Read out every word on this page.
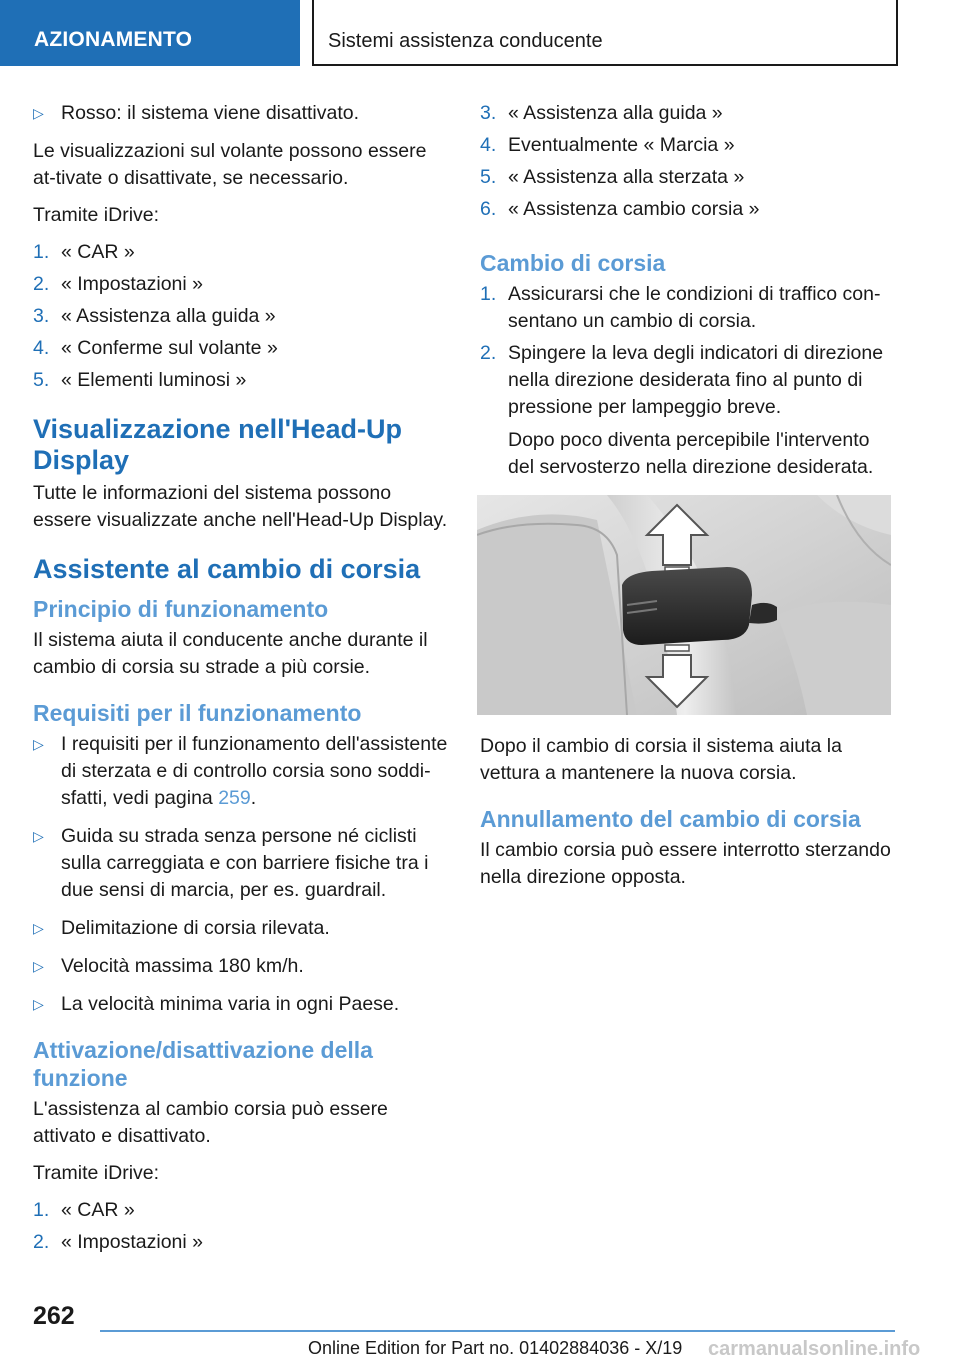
AZIONAMENTO	Sistemi assistenza conducente
▷ Rosso: il sistema viene disattivato.

Le visualizzazioni sul volante possono essere at-tivate o disattivate, se necessario.

Tramite iDrive:

1. « CAR »
2. « Impostazioni »
3. « Assistenza alla guida »
4. « Conferme sul volante »
5. « Elementi luminosi »
Visualizzazione nell'Head-Up Display

Tutte le informazioni del sistema possono essere visualizzate anche nell'Head-Up Display.

Assistente al cambio di corsia
Principio di funzionamento

Il sistema aiuta il conducente anche durante il cambio di corsia su strade a più corsie.

Requisiti per il funzionamento
▷ I requisiti per il funzionamento dell'assistente di sterzata e di controllo corsia sono soddi-sfatti, vedi pagina 259.
▷ Guida su strada senza persone né ciclisti sulla carreggiata e con barriere fisiche tra i due sensi di marcia, per es. guardrail.
▷ Delimitazione di corsia rilevata.
▷ Velocità massima 180 km/h.
▷ La velocità minima varia in ogni Paese.
Attivazione/disattivazione della funzione

L'assistenza al cambio corsia può essere attivato e disattivato.

Tramite iDrive:

1. « CAR »
2. « Impostazioni »
3. « Assistenza alla guida »
4. Eventualmente « Marcia »
5. « Assistenza alla sterzata »
6. « Assistenza cambio corsia »
Cambio di corsia
1. Assicurarsi che le condizioni di traffico con-sentano un cambio di corsia.
2. Spingere la leva degli indicatori di direzione nella direzione desiderata fino al punto di pressione per lampeggio breve.
Dopo poco diventa percepibile l'intervento del servosterzo nella direzione desiderata.

Dopo il cambio di corsia il sistema aiuta la vettura a mantenere la nuova corsia.

Annullamento del cambio di corsia

Il cambio corsia può essere interrotto sterzando nella direzione opposta.

262
Online Edition for Part no. 01402884036 - X/19 carmanualsonline.info
